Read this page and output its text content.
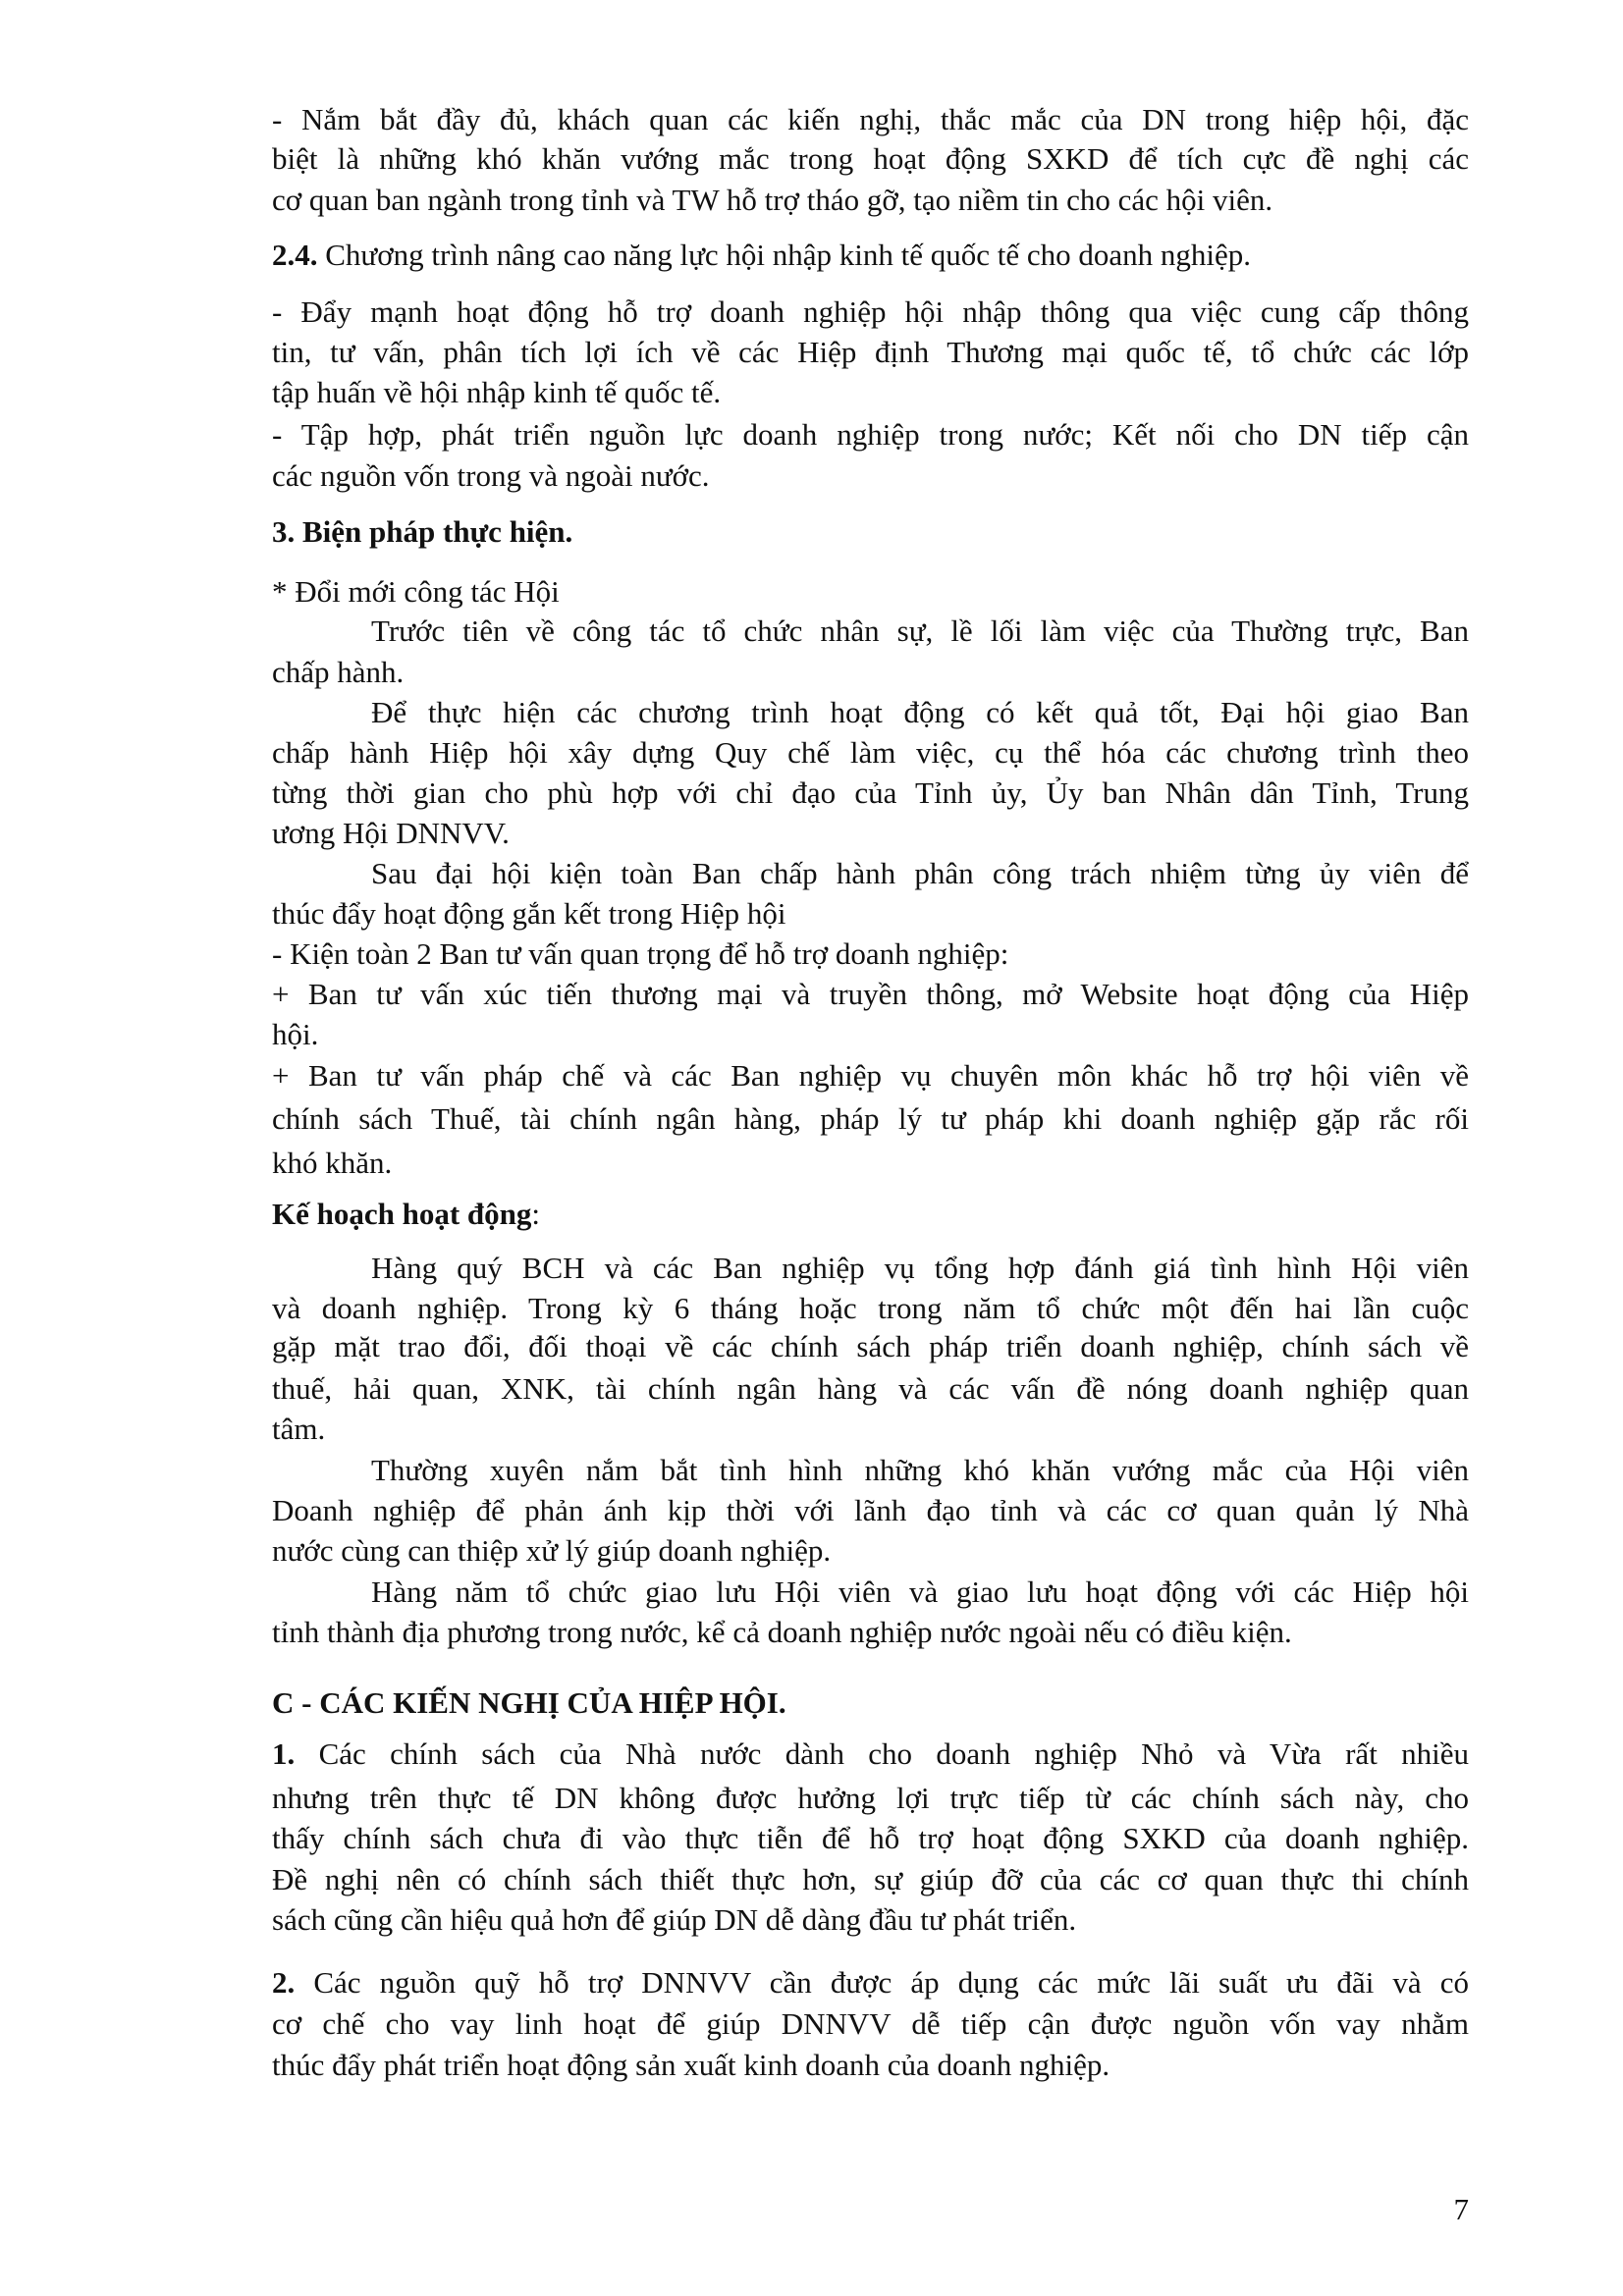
- Nắm bắt đầy đủ, khách quan các kiến nghị, thắc mắc của DN trong hiệp hội, đặc
biệt là những khó khăn vướng mắc trong hoạt động SXKD để tích cực đề nghị các
cơ quan ban ngành trong tỉnh và TW hỗ trợ tháo gỡ, tạo niềm tin cho các hội viên.
2.4. Chương trình nâng cao năng lực hội nhập kinh tế quốc tế cho doanh nghiệp.
- Đẩy mạnh hoạt động hỗ trợ doanh nghiệp hội nhập thông qua việc cung cấp thông
tin, tư vấn, phân tích lợi ích về các Hiệp định Thương mại quốc tế, tổ chức các lớp
tập huấn về hội nhập kinh tế quốc tế.
- Tập hợp, phát triển nguồn lực doanh nghiệp trong nước; Kết nối cho DN tiếp cận
các nguồn vốn trong và ngoài nước.
3. Biện pháp thực hiện.
* Đổi mới công tác Hội
Trước tiên về công tác tổ chức nhân sự, lề lối làm việc của Thường trực, Ban
chấp hành.
Để thực hiện các chương trình hoạt động có kết quả tốt, Đại hội giao Ban
chấp hành Hiệp hội xây dựng Quy chế làm việc, cụ thể hóa các chương trình theo
từng thời gian cho phù hợp với chỉ đạo của Tỉnh ủy, Ủy ban Nhân dân Tỉnh, Trung
ương Hội DNNVV.
Sau đại hội kiện toàn Ban chấp hành phân công trách nhiệm từng ủy viên để
thúc đẩy hoạt động gắn kết trong Hiệp hội
- Kiện toàn 2 Ban tư vấn quan trọng để hỗ trợ doanh nghiệp:
+ Ban tư vấn xúc tiến thương mại và truyền thông, mở Website hoạt động của Hiệp
hội.
+ Ban tư vấn pháp chế và các Ban nghiệp vụ chuyên môn khác hỗ trợ hội viên về
chính sách Thuế, tài chính ngân hàng, pháp lý tư pháp khi doanh nghiệp gặp rắc rối
khó khăn.
Kế hoạch hoạt động:
Hàng quý BCH và các Ban nghiệp vụ tổng hợp đánh giá tình hình Hội viên
và doanh nghiệp. Trong kỳ 6 tháng hoặc trong năm tổ chức một đến hai lần cuộc
gặp mặt trao đổi, đối thoại về các chính sách pháp triển doanh nghiệp, chính sách về
thuế, hải quan, XNK, tài chính ngân hàng và các vấn đề nóng doanh nghiệp quan
tâm.
Thường xuyên nắm bắt tình hình những khó khăn vướng mắc của Hội viên
Doanh nghiệp để phản ánh kịp thời với lãnh đạo tỉnh và các cơ quan quản lý Nhà
nước cùng can thiệp xử lý giúp doanh nghiệp.
Hàng năm tổ chức giao lưu Hội viên và giao lưu hoạt động với các Hiệp hội
tỉnh thành địa phương trong nước, kể cả doanh nghiệp nước ngoài nếu có điều kiện.
C - CÁC KIẾN NGHỊ CỦA HIỆP HỘI.
1. Các chính sách của Nhà nước dành cho doanh nghiệp Nhỏ và Vừa rất nhiều
nhưng trên thực tế DN không được hưởng lợi trực tiếp từ các chính sách này, cho
thấy chính sách chưa đi vào thực tiễn để hỗ trợ hoạt động SXKD của doanh nghiệp.
Đề nghị nên có chính sách thiết thực hơn, sự giúp đỡ của các cơ quan thực thi chính
sách cũng cần hiệu quả hơn để giúp DN dễ dàng đầu tư phát triển.
2. Các nguồn quỹ hỗ trợ DNNVV cần được áp dụng các mức lãi suất ưu đãi và có
cơ chế cho vay linh hoạt để giúp DNNVV dễ tiếp cận được nguồn vốn vay nhằm
thúc đẩy phát triển hoạt động sản xuất kinh doanh của doanh nghiệp.
7
